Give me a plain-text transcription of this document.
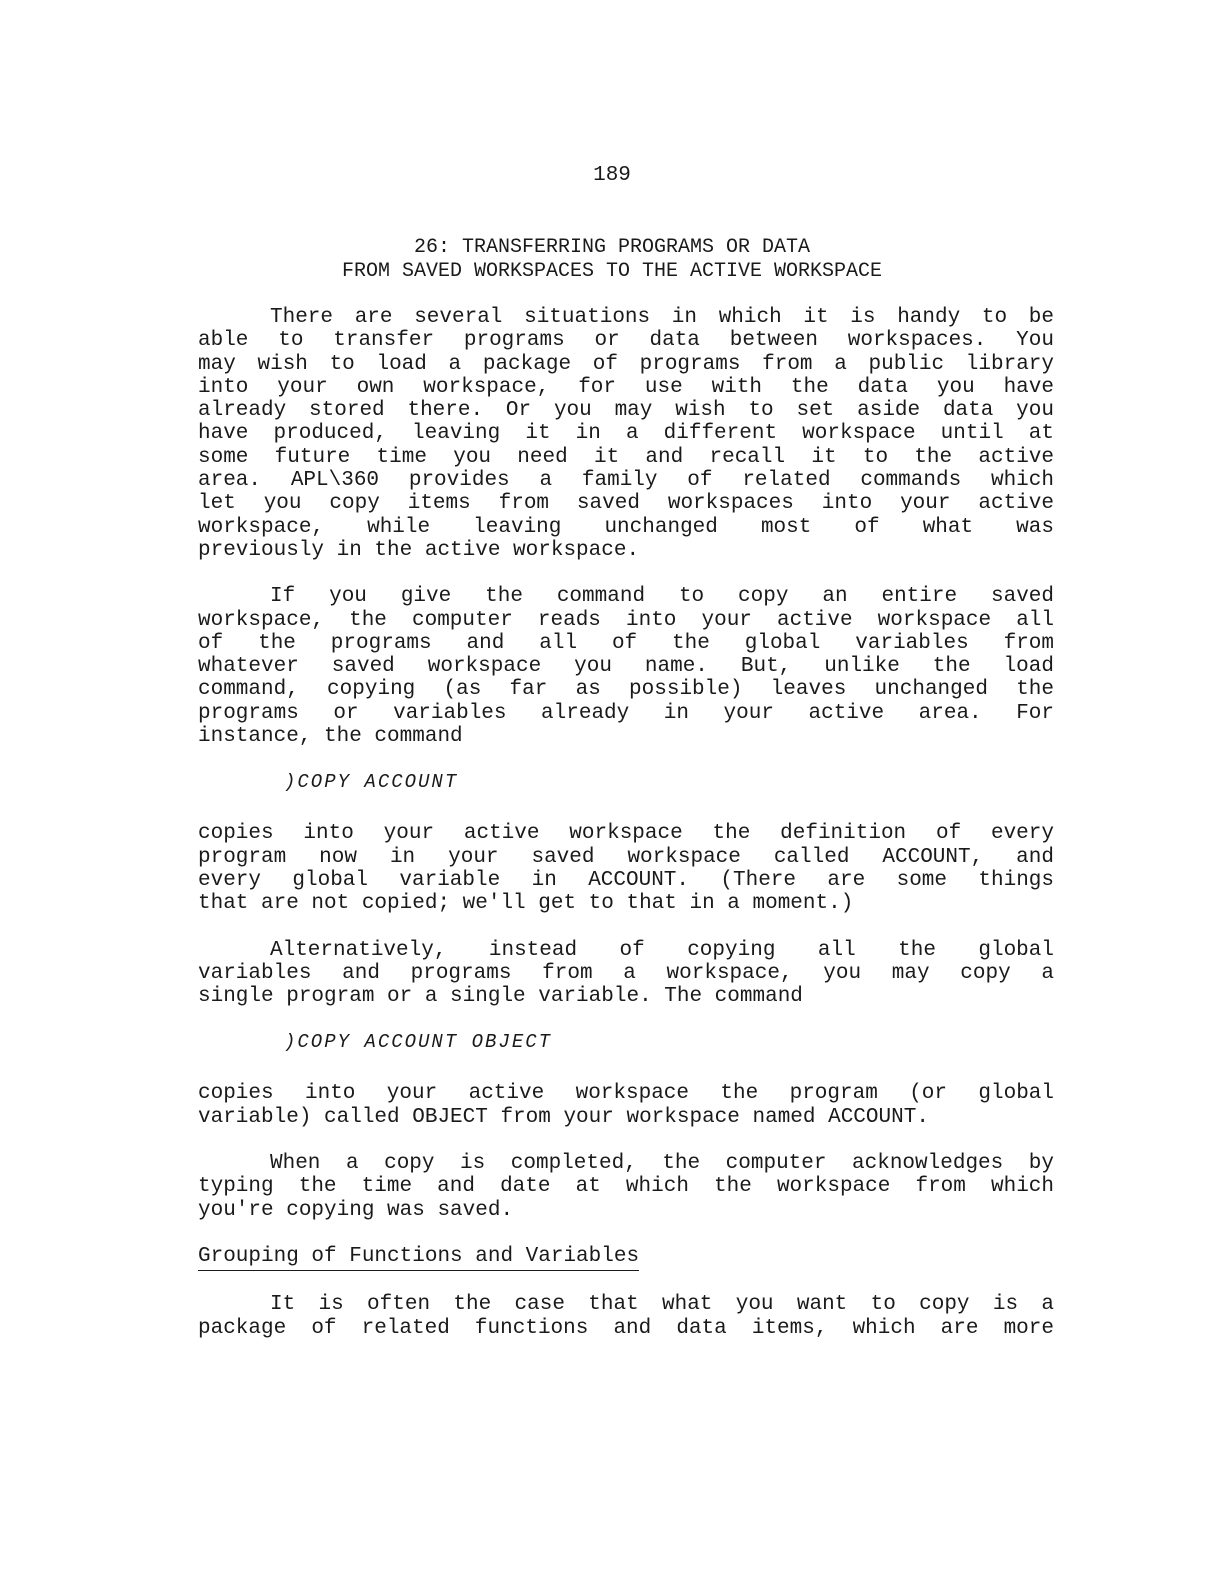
189
26: TRANSFERRING PROGRAMS OR DATA
FROM SAVED WORKSPACES TO THE ACTIVE WORKSPACE
There are several situations in which it is handy to be
able to transfer programs or data between workspaces. You
may wish to load a package of programs from a public library
into your own workspace, for use with the data you have
already stored there. Or you may wish to set aside data you
have produced, leaving it in a different workspace until at
some future time you need it and recall it to the active
area. APL\360 provides a family of related commands which
let you copy items from saved workspaces into your active
workspace, while leaving unchanged most of what was
previously in the active workspace.
If you give the command to copy an entire saved
workspace, the computer reads into your active workspace all
of the programs and all of the global variables from
whatever saved workspace you name. But, unlike the load
command, copying (as far as possible) leaves unchanged the
programs or variables already in your active area. For
instance, the command
)COPY ACCOUNT
copies into your active workspace the definition of every
program now in your saved workspace called ACCOUNT, and
every global variable in ACCOUNT. (There are some things
that are not copied; we'll get to that in a moment.)
Alternatively, instead of copying all the global
variables and programs from a workspace, you may copy a
single program or a single variable. The command
)COPY ACCOUNT OBJECT
copies into your active workspace the program (or global
variable) called OBJECT from your workspace named ACCOUNT.
When a copy is completed, the computer acknowledges by
typing the time and date at which the workspace from which
you're copying was saved.
Grouping of Functions and Variables
It is often the case that what you want to copy is a
package of related functions and data items, which are more
